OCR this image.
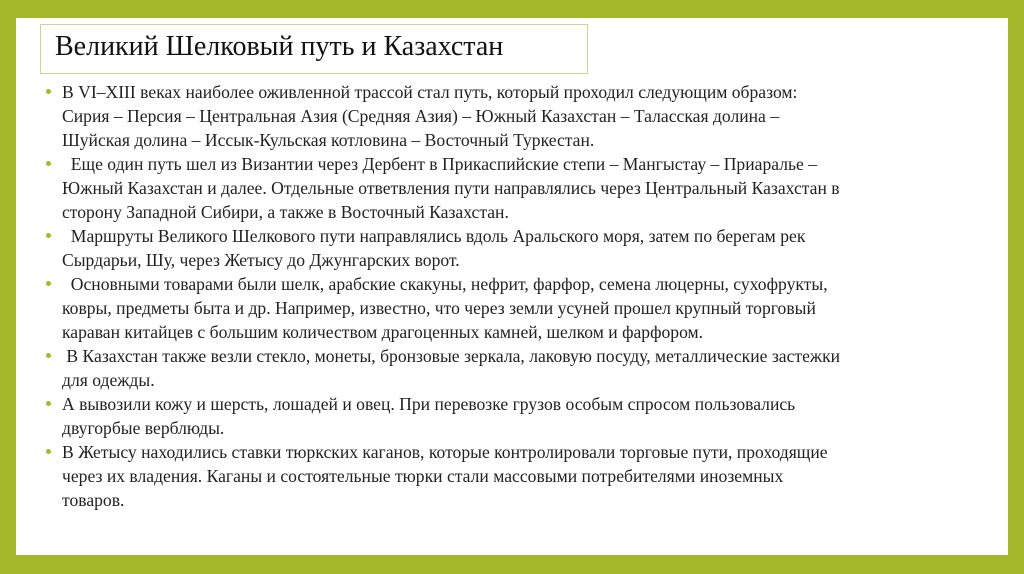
Великий Шелковый путь и Казахстан
В VI–XIII веках наиболее оживленной трассой стал путь, который проходил следующим образом:
Сирия – Персия – Центральная Азия (Средняя Азия) – Южный Казахстан – Таласская долина –
Шуйская долина – Иссык-Кульская котловина – Восточный Туркестан.
Еще один путь шел из Византии через Дербент в Прикаспийские степи – Мангыстау – Приаралье –
Южный Казахстан и далее. Отдельные ответвления пути направлялись через Центральный Казахстан в
сторону Западной Сибири, а также в Восточный Казахстан.
Маршруты Великого Шелкового пути направлялись вдоль Аральского моря, затем по берегам рек
Сырдарьи, Шу, через Жетысу до Джунгарских ворот.
Основными товарами были шелк, арабские скакуны, нефрит, фарфор, семена люцерны, сухофрукты,
ковры, предметы быта и др. Например, известно, что через земли усуней прошел крупный торговый
караван китайцев с большим количеством драгоценных камней, шелком и фарфором.
В Казахстан также везли стекло, монеты, бронзовые зеркала, лаковую посуду, металлические застежки
для одежды.
А вывозили кожу и шерсть, лошадей и овец. При перевозке грузов особым спросом пользовались
двугорбые верблюды.
В Жетысу находились ставки тюркских каганов, которые контролировали торговые пути, проходящие
через их владения. Каганы и состоятельные тюрки стали массовыми потребителями иноземных
товаров.
